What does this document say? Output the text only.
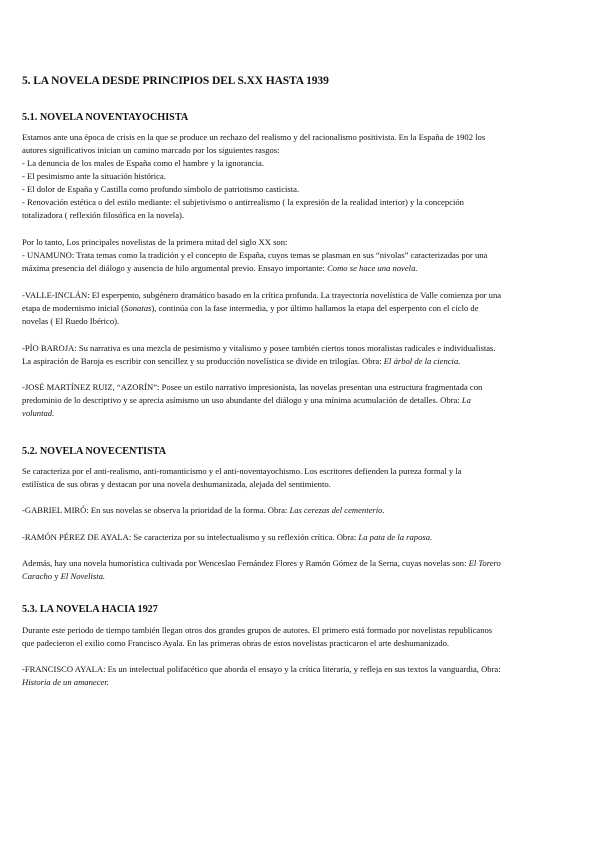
5. LA NOVELA DESDE PRINCIPIOS DEL S.XX HASTA 1939
5.1. NOVELA NOVENTAYOCHISTA

Estamos ante una época de crisis en la que se produce un rechazo del realismo y del racionalismo positivista. En la España de 1902 los
autores significativos inician un camino marcado por los siguientes rasgos:
- La denuncia de los males de España como el hambre y la ignorancia.
- El pesimismo ante la situación histórica.
- El dolor de España y Castilla como profundo símbolo de patriotismo casticista.
- Renovación estética o del estilo mediante: el subjetivismo o antirrealismo ( la expresión de la realidad interior) y la concepción
totalizadora ( reflexión filosófica en la novela).

Por lo tanto, Los principales novelistas de la primera mitad del siglo XX son:
- UNAMUNO: Trata temas como la tradición y el concepto de España, cuyos temas se plasman en sus “nivolas” caracterizadas por una
máxima presencia del diálogo y ausencia de hilo argumental previo. Ensayo importante: Como se hace una novela.

-VALLE-INCLÁN: El esperpento, subgénero dramático basado en la crítica profunda. La trayectoria novelística de Valle comienza por una
etapa de modernismo inicial (Sonatas), continúa con la fase intermedia, y por último hallamos la etapa del esperpento con el ciclo de
novelas ( El Ruedo Ibérico).

-PÍO BAROJA: Su narrativa es una mezcla de pesimismo y vitalismo y posee también ciertos tonos moralistas radicales e individualistas.
La aspiración de Baroja es escribir con sencillez y su producción novelística se divide en trilogías. Obra: El árbol de la ciencia.

-JOSÉ MARTÍNEZ RUIZ, “AZORÍN”: Posee un estilo narrativo impresionista, las novelas presentan una estructura fragmentada con
predominio de lo descriptivo y se aprecia asímismo un uso abundante del diálogo y una mínima acumulación de detalles. Obra: La
voluntad.

5.2. NOVELA NOVECENTISTA

Se caracteriza por el anti-realismo, anti-romanticismo y el anti-noventayochismo. Los escritores defienden la pureza formal y la
estilística de sus obras y destacan por una novela deshumanizada, alejada del sentimiento.

-GABRIEL MIRÓ: En sus novelas se observa la prioridad de la forma. Obra: Las cerezas del cementerio.

-RAMÓN PÉREZ DE AYALA: Se caracteriza por su intelectualismo y su reflexión crítica. Obra: La pata de la raposa.

Además, hay una novela humorística cultivada por Wenceslao Fernández Flores y Ramón Gómez de la Serna, cuyas novelas son: El Torero
Caracho y El Novelista.

5.3. LA NOVELA HACIA 1927

Durante este periodo de tiempo también llegan otros dos grandes grupos de autores. El primero está formado por novelistas republicanos
que padecieron el exilio como Francisco Ayala. En las primeras obras de estos novelistas practicaron el arte deshumanizado.

-FRANCISCO AYALA: Es un intelectual polifacético que aborda el ensayo y la crítica literaria, y refleja en sus textos la vanguardia, Obra:
Historia de un amanecer.
